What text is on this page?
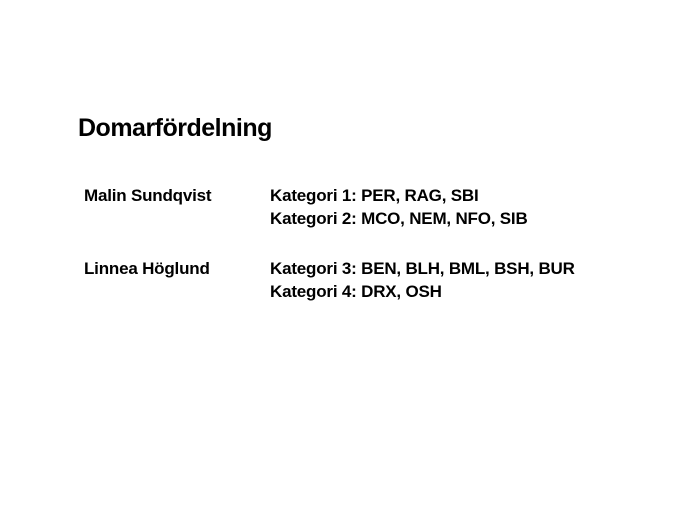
Domarfördelning
Malin Sundqvist	Kategori 1: PER, RAG, SBI
Kategori 2: MCO, NEM, NFO, SIB
Linnea Höglund	Kategori 3: BEN, BLH, BML, BSH, BUR
Kategori 4: DRX, OSH
